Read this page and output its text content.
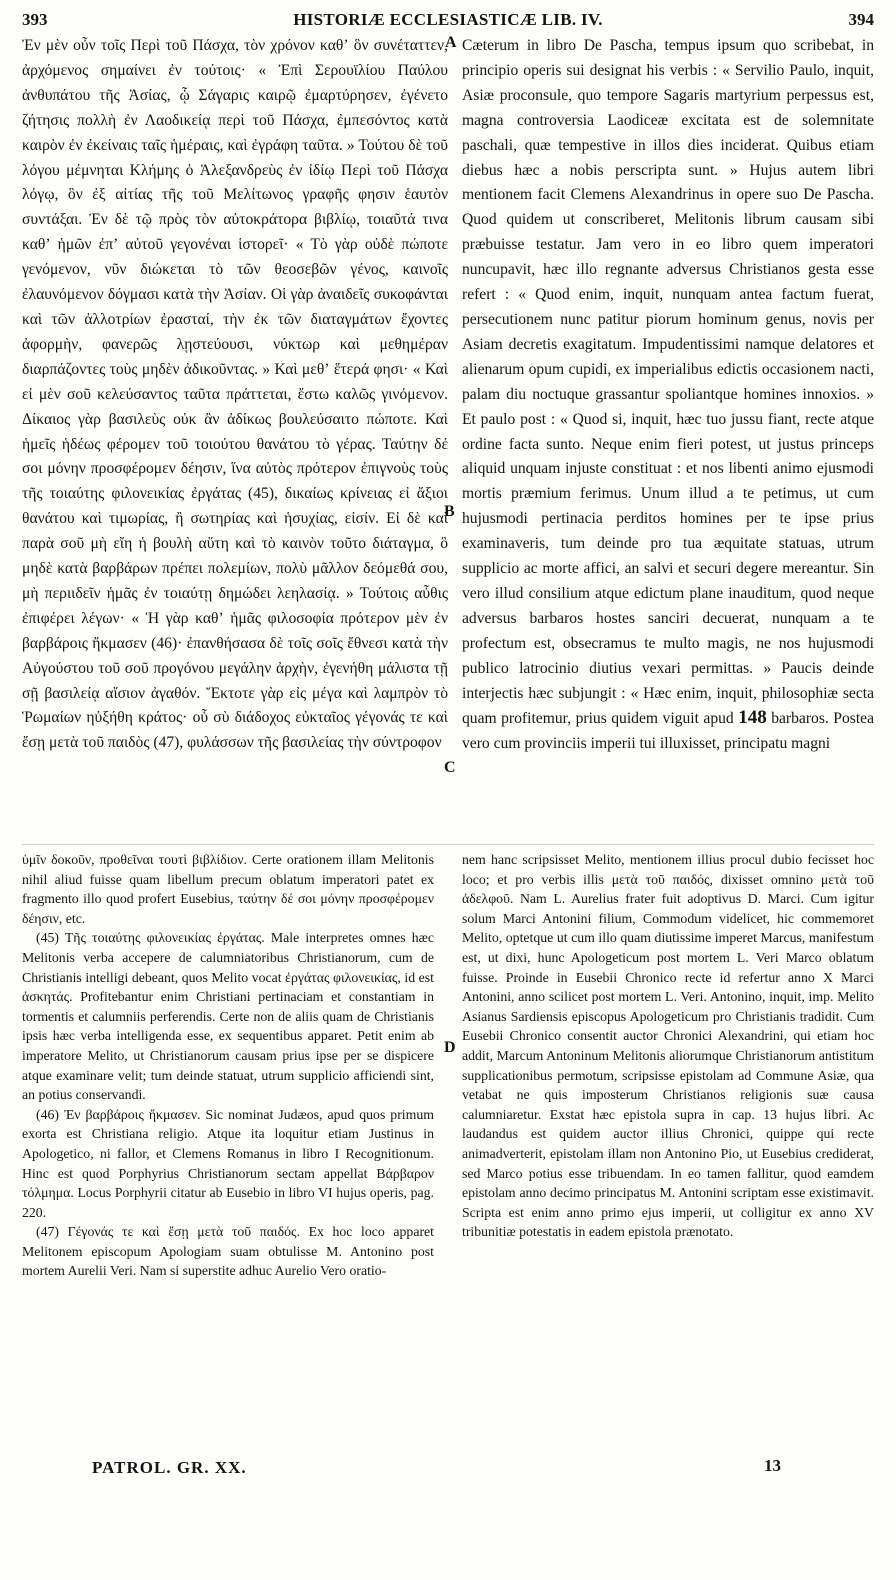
393	HISTORIÆ ECCLESIASTICÆ LIB. IV.	394

Ἐν μὲν οὖν τοῖς Περὶ τοῦ Πάσχα, τὸν χρόνον καθʼ ὃν συνέταττεν, ἀρχόμενος σημαίνει ἐν τούτοις· « Ἐπὶ Σερουϊλίου Παύλου ἀνθυπάτου τῆς Ἀσίας, ᾧ Σάγαρις καιρῷ ἐμαρτύρησεν, ἐγένετο ζήτησις πολλὴ ἐν Λαοδικείᾳ περὶ τοῦ Πάσχα, ἐμπεσόντος κατὰ καιρὸν ἐν ἐκείναις ταῖς ἡμέραις, καὶ ἐγράφη ταῦτα. » Τούτου δὲ τοῦ λόγου μέμνηται Κλήμης ὁ Ἀλεξανδρεὺς ἐν ἰδίῳ Περὶ τοῦ Πάσχα λόγῳ, ὃν ἐξ αἰτίας τῆς τοῦ Μελίτωνος γραφῆς φησιν ἑαυτὸν συντάξαι. Ἐν δὲ τῷ πρὸς τὸν αὐτοκράτορα βιβλίῳ, τοιαῦτά τινα καθʼ ἡμῶν ἐπʼ αὐτοῦ γεγονέναι ἱστορεῖ· « Τὸ γὰρ οὐδὲ πώποτε γενόμενον, νῦν διώκεται τὸ τῶν θεοσεβῶν γένος, καινοῖς ἐλαυνόμενον δόγμασι κατὰ τὴν Ἀσίαν. Οἱ γὰρ ἀναιδεῖς συκοφάνται καὶ τῶν ἀλλοτρίων ἐρασταί, τὴν ἐκ τῶν διαταγμάτων ἔχοντες ἀφορμὴν, φανερῶς λῃστεύουσι, νύκτωρ καὶ μεθημέραν διαρπάζοντες τοὺς μηδὲν ἀδικοῦντας. » Καὶ μεθʼ ἕτερά φησι· « Καὶ εἰ μὲν σοῦ κελεύσαντος ταῦτα πράττεται, ἔστω καλῶς γινόμενον. Δίκαιος γὰρ βασιλεὺς οὐκ ἂν ἀδίκως βουλεύσαιτο πώποτε. Καὶ ἡμεῖς ἡδέως φέρομεν τοῦ τοιούτου θανάτου τὸ γέρας. Ταύτην δέ σοι μόνην προσφέρομεν δέησιν, ἵνα αὐτὸς πρότερον ἐπιγνοὺς τοὺς τῆς τοιαύτης φιλονεικίας ἐργάτας (45), δικαίως κρίνειας εἰ ἄξιοι θανάτου καὶ τιμωρίας, ἢ σωτηρίας καὶ ἡσυχίας, εἰσίν. Εἰ δὲ καὶ παρὰ σοῦ μὴ εἴη ἡ βουλὴ αὕτη καὶ τὸ καινὸν τοῦτο διάταγμα, ὃ μηδὲ κατὰ βαρβάρων πρέπει πολεμίων, πολὺ μᾶλλον δεόμεθά σου, μὴ περιιδεῖν ἡμᾶς ἐν τοιαύτῃ δημώδει λεηλασίᾳ. » Τούτοις αὖθις ἐπιφέρει λέγων· « Ἡ γὰρ καθʼ ἡμᾶς φιλοσοφία πρότερον μὲν ἐν βαρβάροις ἤκμασεν (46)· ἐπανθήσασα δὲ τοῖς σοῖς ἔθνεσι κατὰ τὴν Αὐγούστου τοῦ σοῦ προγόνου μεγάλην ἀρχὴν, ἐγενήθη μάλιστα τῇ σῇ βασιλείᾳ αἴσιον ἀγαθόν. Ἔκτοτε γὰρ εἰς μέγα καὶ λαμπρὸν τὸ Ῥωμαίων ηὐξήθη κράτος· οὗ σὺ διάδοχος εὐκταῖος γέγονάς τε καὶ ἔσῃ μετὰ τοῦ παιδὸς (47), φυλάσσων τῆς βασιλείας τὴν σύντροφον

A
B
C
D

Cæterum in libro De Pascha, tempus ipsum quo scribebat, in principio operis sui designat his verbis : « Servilio Paulo, inquit, Asiæ proconsule, quo tempore Sagaris martyrium perpessus est, magna controversia Laodiceæ excitata est de solemnitate paschali, quæ tempestive in illos dies inciderat. Quibus etiam diebus hæc a nobis perscripta sunt. » Hujus autem libri mentionem facit Clemens Alexandrinus in opere suo De Pascha. Quod quidem ut conscriberet, Melitonis librum causam sibi præbuisse testatur. Jam vero in eo libro quem imperatori nuncupavit, hæc illo regnante adversus Christianos gesta esse refert : « Quod enim, inquit, nunquam antea factum fuerat, persecutionem nunc patitur piorum hominum genus, novis per Asiam decretis exagitatum. Impudentissimi namque delatores et alienarum opum cupidi, ex imperialibus edictis occasionem nacti, palam diu noctuque grassantur spoliantque homines innoxios. » Et paulo post : « Quod si, inquit, hæc tuo jussu fiant, recte atque ordine facta sunto. Neque enim fieri potest, ut justus princeps aliquid unquam injuste constituat : et nos libenti animo ejusmodi mortis præmium ferimus. Unum illud a te petimus, ut cum hujusmodi pertinacia perditos homines per te ipse prius examinaveris, tum deinde pro tua æquitate statuas, utrum supplicio ac morte affici, an salvi et securi degere mereantur. Sin vero illud consilium atque edictum plane inauditum, quod neque adversus barbaros hostes sanciri decuerat, nunquam a te profectum est, obsecramus te multo magis, ne nos hujusmodi publico latrocinio diutius vexari permittas. » Paucis deinde interjectis hæc subjungit : « Hæc enim, inquit, philosophiæ secta quam profitemur, prius quidem viguit apud 148 barbaros. Postea vero cum provinciis imperii tui illuxisset, principatu magni

ὑμῖν δοκοῦν, προθεῖναι τουτὶ βιβλίδιον. Certe orationem illam Melitonis nihil aliud fuisse quam libellum precum oblatum imperatori patet ex fragmento illo quod profert Eusebius, ταύτην δέ σοι μόνην προσφέρομεν δέησιν, etc.

(45) Τῆς τοιαύτης φιλονεικίας ἐργάτας. Male interpretes omnes hæc Melitonis verba accepere de calumniatoribus Christianorum, cum de Christianis intelligi debeant, quos Melito vocat ἐργάτας φιλονεικίας, id est ἀσκητάς. Profitebantur enim Christiani pertinaciam et constantiam in tormentis et calumniis perferendis. Certe non de aliis quam de Christianis ipsis hæc verba intelligenda esse, ex sequentibus apparet. Petit enim ab imperatore Melito, ut Christianorum causam prius ipse per se dispicere atque examinare velit; tum deinde statuat, utrum supplicio afficiendi sint, an potius conservandi.

(46) Ἐν βαρβάροις ἤκμασεν. Sic nominat Judæos, apud quos primum exorta est Christiana religio. Atque ita loquitur etiam Justinus in Apologetico, ni fallor, et Clemens Romanus in libro I Recognitionum. Hinc est quod Porphyrius Christianorum sectam appellat Βάρβαρον τόλμημα. Locus Porphyrii citatur ab Eusebio in libro VI hujus operis, pag. 220.

(47) Γέγονάς τε καὶ ἔσῃ μετὰ τοῦ παιδός. Ex hoc loco apparet Melitonem episcopum Apologiam suam obtulisse M. Antonino post mortem Aurelii Veri. Nam si superstite adhuc Aurelio Vero oratio-

nem hanc scripsisset Melito, mentionem illius procul dubio fecisset hoc loco; et pro verbis illis μετὰ τοῦ παιδός, dixisset omnino μετὰ τοῦ ἀδελφοῦ. Nam L. Aurelius frater fuit adoptivus D. Marci. Cum igitur solum Marci Antonini filium, Commodum videlicet, hic commemoret Melito, optetque ut cum illo quam diutissime imperet Marcus, manifestum est, ut dixi, hunc Apologeticum post mortem L. Veri Marco oblatum fuisse. Proinde in Eusebii Chronico recte id refertur anno X Marci Antonini, anno scilicet post mortem L. Veri. Antonino, inquit, imp. Melito Asianus Sardiensis episcopus Apologeticum pro Christianis tradidit. Cum Eusebii Chronico consentit auctor Chronici Alexandrini, qui etiam hoc addit, Marcum Antoninum Melitonis aliorumque Christianorum antistitum supplicationibus permotum, scripsisse epistolam ad Commune Asiæ, qua vetabat ne quis imposterum Christianos religionis suæ causa calumniaretur. Exstat hæc epistola supra in cap. 13 hujus libri. Ac laudandus est quidem auctor illius Chronici, quippe qui recte animadverterit, epistolam illam non Antonino Pio, ut Eusebius crediderat, sed Marco potius esse tribuendam. In eo tamen fallitur, quod eamdem epistolam anno decimo principatus M. Antonini scriptam esse existimavit. Scripta est enim anno primo ejus imperii, ut colligitur ex anno XV tribunitiæ potestatis in eadem epistola prænotato.

PATROL. GR. XX.	13
